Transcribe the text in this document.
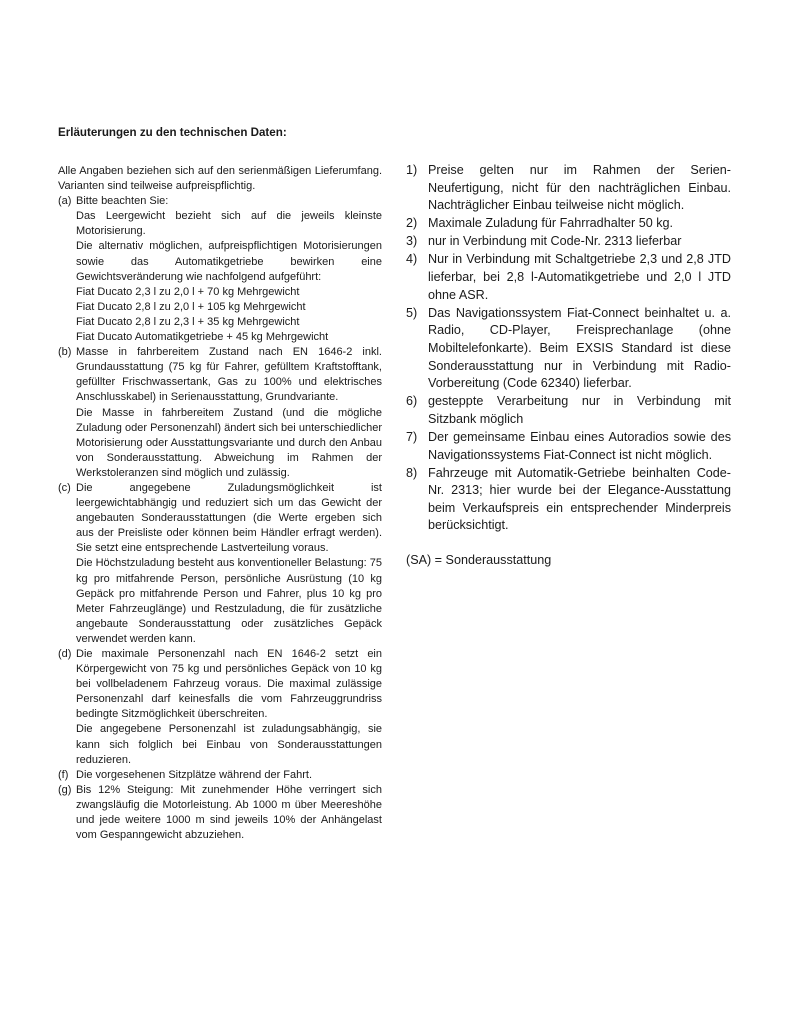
Erläuterungen zu den technischen Daten:
Alle Angaben beziehen sich auf den serienmäßigen Lieferumfang. Varianten sind teilweise aufpreispflichtig.
(a) Bitte beachten Sie:
Das Leergewicht bezieht sich auf die jeweils kleinste Motorisierung.
Die alternativ möglichen, aufpreispflichtigen Motorisierungen sowie das Automatikgetriebe bewirken eine Gewichtsveränderung wie nachfolgend aufgeführt:
Fiat Ducato 2,3 l zu 2,0 l + 70 kg Mehrgewicht
Fiat Ducato 2,8 l zu 2,0 l + 105 kg Mehrgewicht
Fiat Ducato 2,8 l zu 2,3 l + 35 kg Mehrgewicht
Fiat Ducato Automatikgetriebe + 45 kg Mehrgewicht
(b) Masse in fahrbereitem Zustand nach EN 1646-2 inkl. Grundausstattung (75 kg für Fahrer, gefülltem Kraftstofftank, gefüllter Frischwassertank, Gas zu 100% und elektrisches Anschlusskabel) in Serienausstattung, Grundvariante.
Die Masse in fahrbereitem Zustand (und die mögliche Zuladung oder Personenzahl) ändert sich bei unterschiedlicher Motorisierung oder Ausstattungsvariante und durch den Anbau von Sonderausstattung. Abweichung im Rahmen der Werkstoleranzen sind möglich und zulässig.
(c) Die angegebene Zuladungsmöglichkeit ist leergewichtabhängig und reduziert sich um das Gewicht der angebauten Sonderausstattungen (die Werte ergeben sich aus der Preisliste oder können beim Händler erfragt werden). Sie setzt eine entsprechende Lastverteilung voraus.
Die Höchstzuladung besteht aus konventioneller Belastung: 75 kg pro mitfahrende Person, persönliche Ausrüstung (10 kg Gepäck pro mitfahrende Person und Fahrer, plus 10 kg pro Meter Fahrzeuglänge) und Restzuladung, die für zusätzliche angebaute Sonderausstattung oder zusätzliches Gepäck verwendet werden kann.
(d) Die maximale Personenzahl nach EN 1646-2 setzt ein Körpergewicht von 75 kg und persönliches Gepäck von 10 kg bei vollbeladenem Fahrzeug voraus. Die maximal zulässige Personenzahl darf keinesfalls die vom Fahrzeuggrundriss bedingte Sitzmöglichkeit überschreiten.
Die angegebene Personenzahl ist zuladungsabhängig, sie kann sich folglich bei Einbau von Sonderausstattungen reduzieren.
(f) Die vorgesehenen Sitzplätze während der Fahrt.
(g) Bis 12% Steigung: Mit zunehmender Höhe verringert sich zwangsläufig die Motorleistung. Ab 1000 m über Meereshöhe und jede weitere 1000 m sind jeweils 10% der Anhängelast vom Gespanngewicht abzuziehen.
1) Preise gelten nur im Rahmen der Serien-Neufertigung, nicht für den nachträglichen Einbau. Nachträglicher Einbau teilweise nicht möglich.
2) Maximale Zuladung für Fahrradhalter 50 kg.
3) nur in Verbindung mit Code-Nr. 2313 lieferbar
4) Nur in Verbindung mit Schaltgetriebe 2,3 und 2,8 JTD lieferbar, bei 2,8 l-Automatikgetriebe und 2,0 l JTD ohne ASR.
5) Das Navigationssystem Fiat-Connect beinhaltet u. a. Radio, CD-Player, Freisprechanlage (ohne Mobiltelefonkarte). Beim EXSIS Standard ist diese Sonderausstattung nur in Verbindung mit Radio-Vorbereitung (Code 62340) lieferbar.
6) gesteppte Verarbeitung nur in Verbindung mit Sitzbank möglich
7) Der gemeinsame Einbau eines Autoradios sowie des Navigationssystems Fiat-Connect ist nicht möglich.
8) Fahrzeuge mit Automatik-Getriebe beinhalten Code-Nr. 2313; hier wurde bei der Elegance-Ausstattung beim Verkaufspreis ein entsprechender Minderpreis berücksichtigt.
(SA) = Sonderausstattung
